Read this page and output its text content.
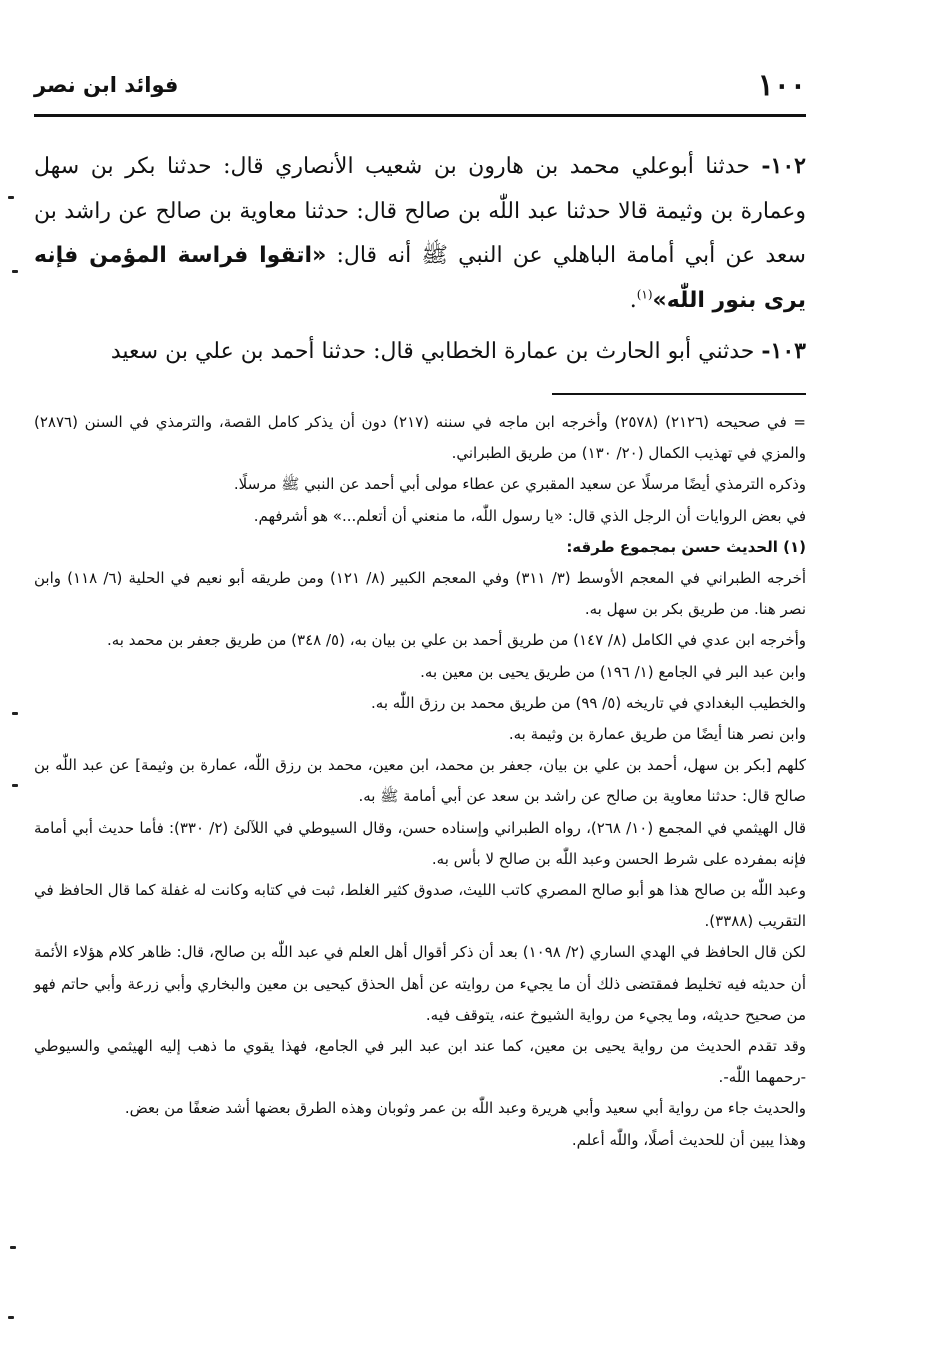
١٠٠
فوائد ابن نصر

١٠٢- حدثنا أبوعلي محمد بن هارون بن شعيب الأنصاري قال: حدثنا بكر بن سهل وعمارة بن وثيمة قالا حدثنا عبد اللّٰه بن صالح قال: حدثنا معاوية بن صالح عن راشد بن سعد عن أبي أمامة الباهلي عن النبي ﷺ أنه قال: «اتقوا فراسة المؤمن فإنه يرى بنور اللّٰه»$^{(١)}$.

١٠٣- حدثني أبو الحارث بن عمارة الخطابي قال: حدثنا أحمد بن علي بن سعيد

= في صحيحه (٢١٢٦) (٢٥٧٨) وأخرجه ابن ماجه في سننه (٢١٧) دون أن يذكر كامل القصة، والترمذي في السنن (٢٨٧٦) والمزي في تهذيب الكمال (٢٠/ ١٣٠) من طريق الطبراني.

وذكره الترمذي أيضًا مرسلًا عن سعيد المقبري عن عطاء مولى أبي أحمد عن النبي ﷺ مرسلًا.

في بعض الروايات أن الرجل الذي قال: «يا رسول اللّٰه، ما منعني أن أتعلم...» هو أشرفهم.

(١) الحديث حسن بمجموع طرقه:

أخرجه الطبراني في المعجم الأوسط (٣/ ٣١١) وفي المعجم الكبير (٨/ ١٢١) ومن طريقه أبو نعيم في الحلية (٦/ ١١٨) وابن نصر هنا. من طريق بكر بن سهل به.

وأخرجه ابن عدي في الكامل (٨/ ١٤٧) من طريق أحمد بن علي بن بيان به، (٥/ ٣٤٨) من طريق جعفر بن محمد به.

وابن عبد البر في الجامع (١/ ١٩٦) من طريق يحيى بن معين به.

والخطيب البغدادي في تاريخه (٥/ ٩٩) من طريق محمد بن رزق اللّٰه به.

وابن نصر هنا أيضًا من طريق عمارة بن وثيمة به.

كلهم [بكر بن سهل، أحمد بن علي بن بيان، جعفر بن محمد، ابن معين، محمد بن رزق اللّٰه، عمارة بن وثيمة] عن عبد اللّٰه بن صالح قال: حدثنا معاوية بن صالح عن راشد بن سعد عن أبي أمامة ﷺ به.

قال الهيثمي في المجمع (١٠/ ٢٦٨)، رواه الطبراني وإسناده حسن، وقال السيوطي في اللآلئ (٢/ ٣٣٠): فأما حديث أبي أمامة فإنه بمفرده على شرط الحسن وعبد اللّٰه بن صالح لا بأس به.

وعبد اللّٰه بن صالح هذا هو أبو صالح المصري كاتب الليث، صدوق كثير الغلط، ثبت في كتابه وكانت له غفلة كما قال الحافظ في التقريب (٣٣٨٨).

لكن قال الحافظ في الهدي الساري (٢/ ١٠٩٨) بعد أن ذكر أقوال أهل العلم في عبد اللّٰه بن صالح، قال: ظاهر كلام هؤلاء الأئمة أن حديثه فيه تخليط فمقتضى ذلك أن ما يجيء من روايته عن أهل الحذق كيحيى بن معين والبخاري وأبي زرعة وأبي حاتم فهو من صحيح حديثه، وما يجيء من رواية الشيوخ عنه، يتوقف فيه.

وقد تقدم الحديث من رواية يحيى بن معين، كما عند ابن عبد البر في الجامع، فهذا يقوي ما ذهب إليه الهيثمي والسيوطي -رحمهما اللّٰه-.

والحديث جاء من رواية أبي سعيد وأبي هريرة وعبد اللّٰه بن عمر وثوبان وهذه الطرق بعضها أشد ضعفًا من بعض.

وهذا يبين أن للحديث أصلًا، واللّٰه أعلم.
